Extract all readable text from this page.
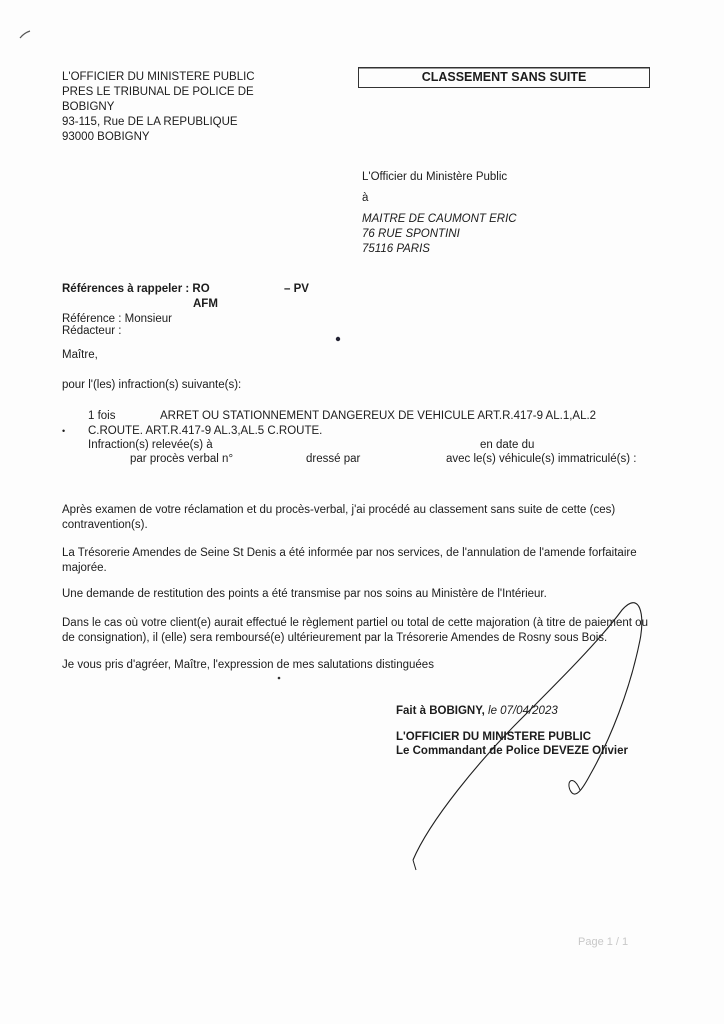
L'OFFICIER DU MINISTERE PUBLIC
PRES LE TRIBUNAL DE POLICE DE
BOBIGNY
93-115, Rue DE LA REPUBLIQUE
93000 BOBIGNY
CLASSEMENT SANS SUITE
L'Officier du Ministère Public
à
MAITRE DE CAUMONT ERIC
76 RUE SPONTINI
75116 PARIS
Références à rappeler : RO	– PV
AFM
Référence : Monsieur
Rédacteur :
Maître,
pour l'(les) infraction(s) suivante(s):
1 fois	ARRET OU STATIONNEMENT DANGEREUX DE VEHICULE ART.R.417-9 AL.1,AL.2
• C.ROUTE. ART.R.417-9 AL.3,AL.5 C.ROUTE.
Infraction(s) relevée(s) à	en date du
par procès verbal n°	dressé par	avec le(s) véhicule(s) immatriculé(s) :
Après examen de votre réclamation et du procès-verbal, j'ai procédé au classement sans suite de cette (ces) contravention(s).
La Trésorerie Amendes de Seine St Denis a été informée par nos services, de l'annulation de l'amende forfaitaire majorée.
Une demande de restitution des points a été transmise par nos soins au Ministère de l'Intérieur.
Dans le cas où votre client(e) aurait effectué le règlement partiel ou total de cette majoration (à titre de paiement ou de consignation), il (elle) sera remboursé(e) ultérieurement par la Trésorerie Amendes de Rosny sous Bois.
Je vous pris d'agréer, Maître, l'expression de mes salutations distinguées
Fait à BOBIGNY, le 07/04/2023
L'OFFICIER DU MINISTERE PUBLIC
Le Commandant de Police DEVEZE Olivier
Page 1 / 1
